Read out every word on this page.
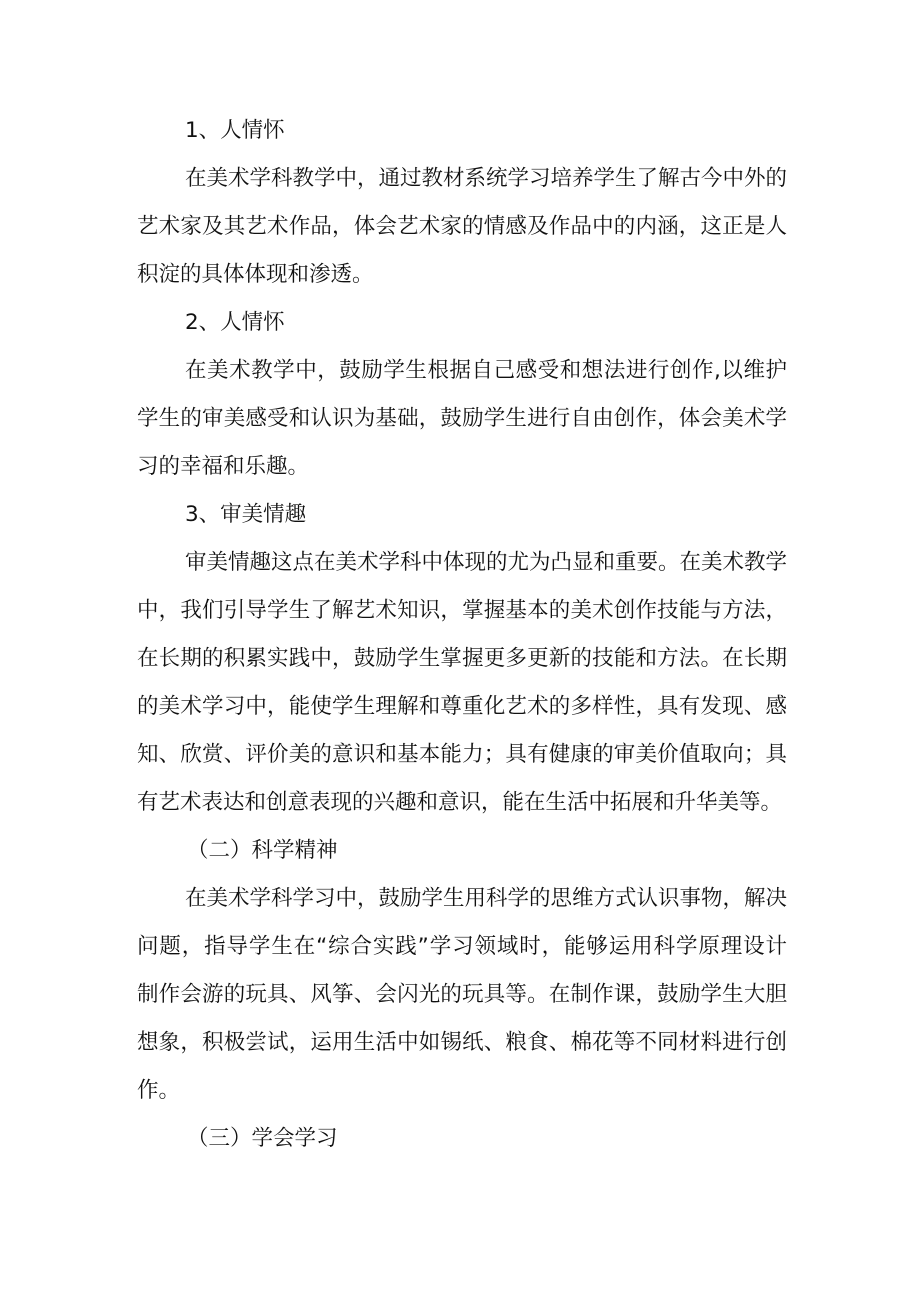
1、人情怀
在美术学科教学中，通过教材系统学习培养学生了解古今中外的
艺术家及其艺术作品，体会艺术家的情感及作品中的内涵，这正是人
积淀的具体体现和渗透。
2、人情怀
在美术教学中，鼓励学生根据自己感受和想法进行创作,以维护
学生的审美感受和认识为基础，鼓励学生进行自由创作，体会美术学
习的幸福和乐趣。
3、审美情趣
审美情趣这点在美术学科中体现的尤为凸显和重要。在美术教学
中，我们引导学生了解艺术知识，掌握基本的美术创作技能与方法，
在长期的积累实践中，鼓励学生掌握更多更新的技能和方法。在长期
的美术学习中，能使学生理解和尊重化艺术的多样性，具有发现、感
知、欣赏、评价美的意识和基本能力；具有健康的审美价值取向；具
有艺术表达和创意表现的兴趣和意识，能在生活中拓展和升华美等。
（二）科学精神
在美术学科学习中，鼓励学生用科学的思维方式认识事物，解决
问题，指导学生在“综合实践”学习领域时，能够运用科学原理设计
制作会游的玩具、风筝、会闪光的玩具等。在制作课，鼓励学生大胆
想象，积极尝试，运用生活中如锡纸、粮食、棉花等不同材料进行创
作。
（三）学会学习
